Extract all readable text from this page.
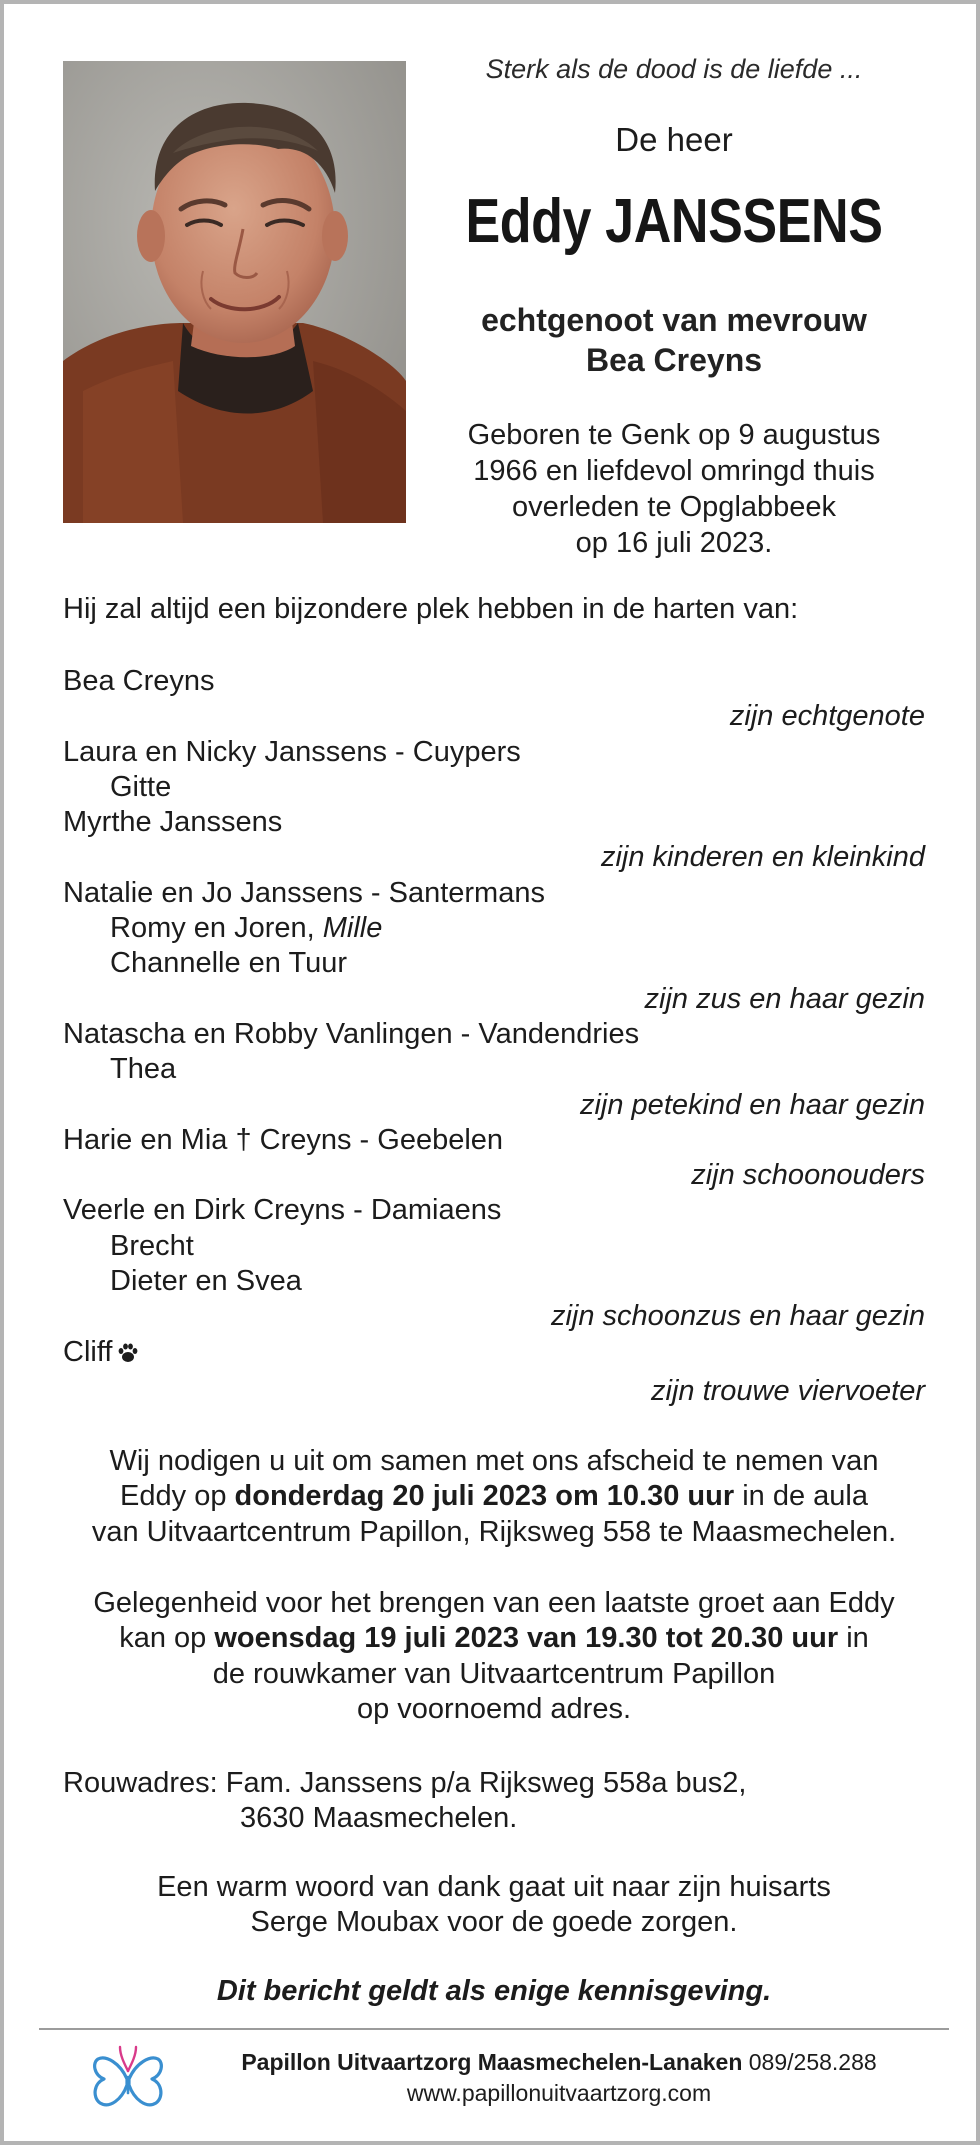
Sterk als de dood is de liefde ...
De heer
Eddy JANSSENS
echtgenoot van mevrouw
Bea Creyns
Geboren te Genk op 9 augustus
1966 en liefdevol omringd thuis
overleden te Opglabbeek
op 16 juli 2023.
Hij zal altijd een bijzondere plek hebben in de harten van:
Bea Creyns
zijn echtgenote
Laura en Nicky Janssens - Cuypers
Gitte
Myrthe Janssens
zijn kinderen en kleinkind
Natalie en Jo Janssens - Santermans
Romy en Joren, Mille
Channelle en Tuur
zijn zus en haar gezin
Natascha en Robby Vanlingen - Vandendries
Thea
zijn petekind en haar gezin
Harie en Mia † Creyns - Geebelen
zijn schoonouders
Veerle en Dirk Creyns - Damiaens
Brecht
Dieter en Svea
zijn schoonzus en haar gezin
Cliff
zijn trouwe viervoeter
Wij nodigen u uit om samen met ons afscheid te nemen van
Eddy op donderdag 20 juli 2023 om 10.30 uur in de aula
van Uitvaartcentrum Papillon, Rijksweg 558 te Maasmechelen.
Gelegenheid voor het brengen van een laatste groet aan Eddy
kan op woensdag 19 juli 2023 van 19.30 tot 20.30 uur in
de rouwkamer van Uitvaartcentrum Papillon
op voornoemd adres.
Rouwadres: Fam. Janssens p/a Rijksweg 558a bus2,
3630 Maasmechelen.
Een warm woord van dank gaat uit naar zijn huisarts
Serge Moubax voor de goede zorgen.
Dit bericht geldt als enige kennisgeving.
Papillon Uitvaartzorg Maasmechelen-Lanaken 089/258.288
www.papillonuitvaartzorg.com
